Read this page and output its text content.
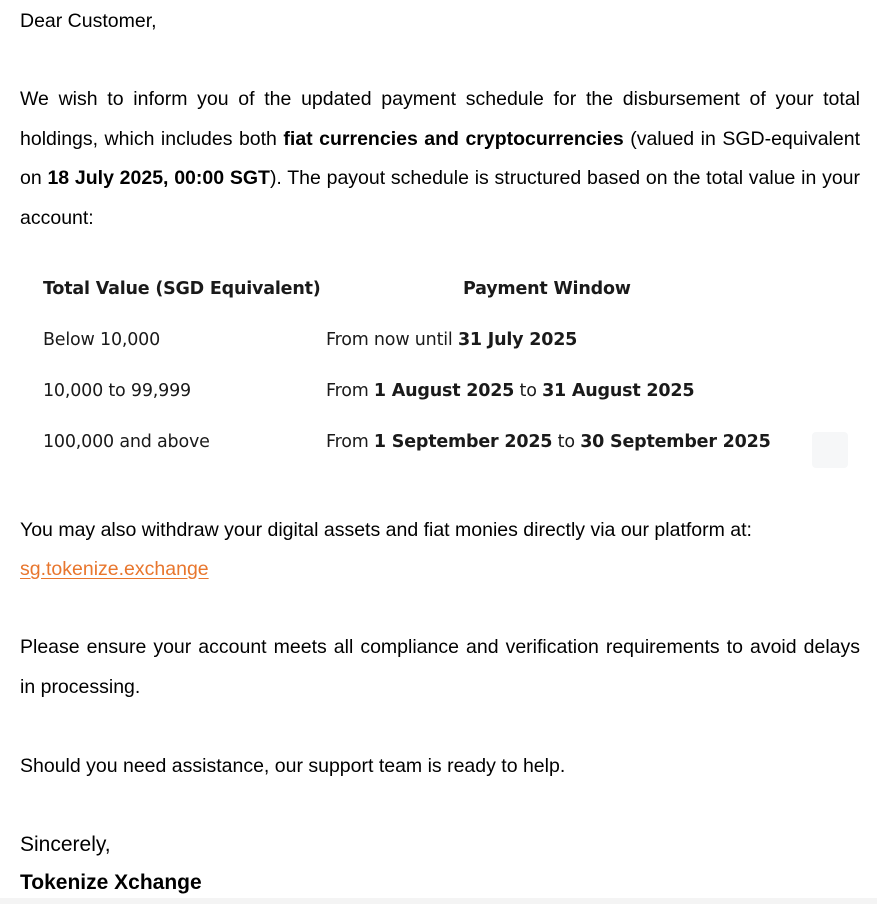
Dear Customer,

We wish to inform you of the updated payment schedule for the disbursement of your total holdings, which includes both fiat currencies and cryptocurrencies (valued in SGD-equivalent on 18 July 2025, 00:00 SGT). The payout schedule is structured based on the total value in your account:

Total Value (SGD Equivalent)	Payment Window
Below 10,000	From now until 31 July 2025
10,000 to 99,999	From 1 August 2025 to 31 August 2025
100,000 and above	From 1 September 2025 to 30 September 2025
You may also withdraw your digital assets and fiat monies directly via our platform at:
sg.tokenize.exchange

Please ensure your account meets all compliance and verification requirements to avoid delays in processing.

Should you need assistance, our support team is ready to help.
Sincerely,
Tokenize Xchange
